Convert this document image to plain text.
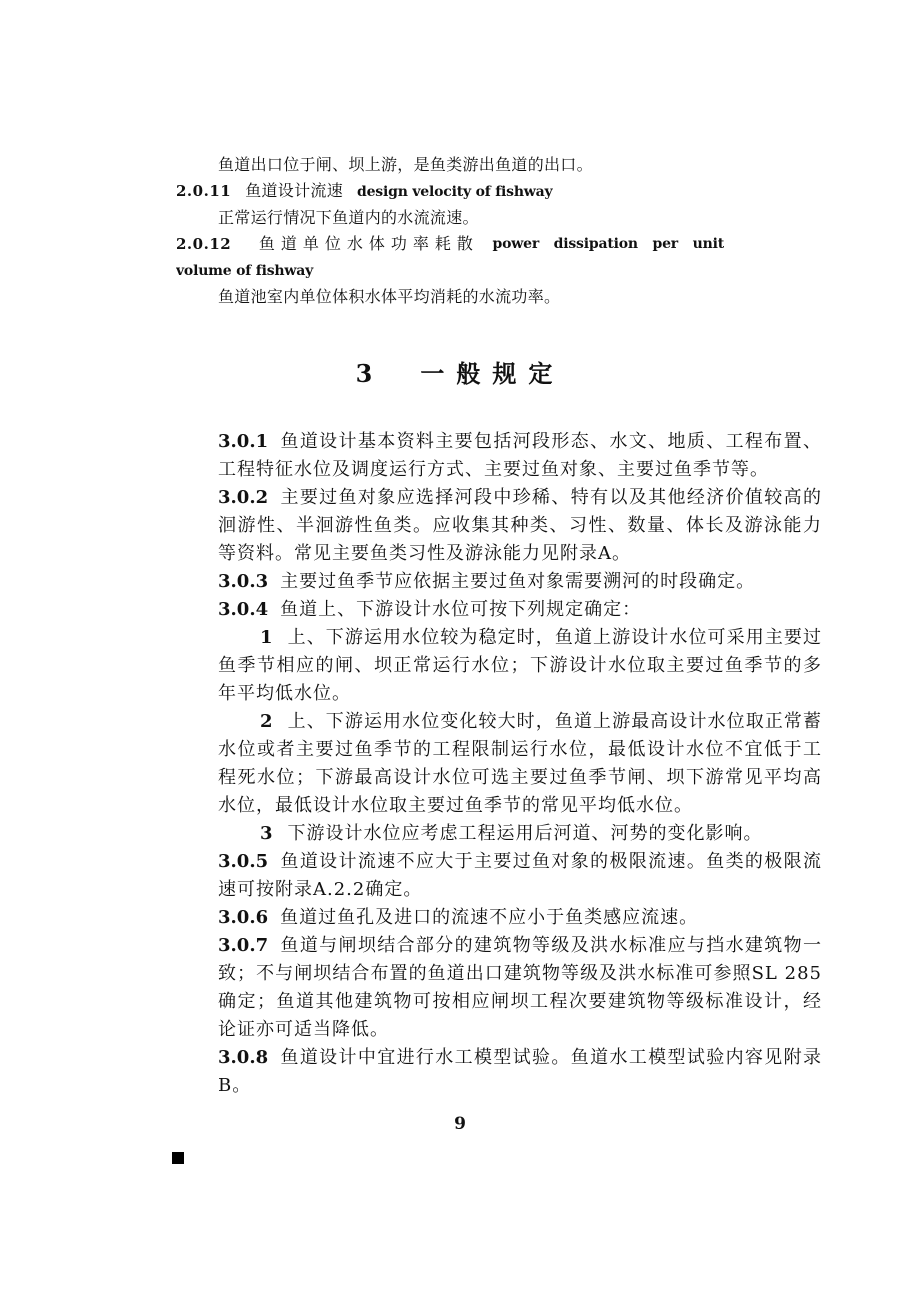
鱼道出口位于闸、坝上游，是鱼类游出鱼道的出口。
2.0.11 鱼道设计流速 design velocity of fishway
正常运行情况下鱼道内的水流流速。
2.0.12 鱼道单位水体功率耗散 power dissipation per unit
volume of fishway
鱼道池室内单位体积水体平均消耗的水流功率。
3　一般规定
3.0.1 鱼道设计基本资料主要包括河段形态、水文、地质、工程布置、工程特征水位及调度运行方式、主要过鱼对象、主要过鱼季节等。
3.0.2 主要过鱼对象应选择河段中珍稀、特有以及其他经济价值较高的洄游性、半洄游性鱼类。应收集其种类、习性、数量、体长及游泳能力等资料。常见主要鱼类习性及游泳能力见附录A。
3.0.3 主要过鱼季节应依据主要过鱼对象需要溯河的时段确定。
3.0.4 鱼道上、下游设计水位可按下列规定确定：
1 上、下游运用水位较为稳定时，鱼道上游设计水位可采用主要过鱼季节相应的闸、坝正常运行水位；下游设计水位取主要过鱼季节的多年平均低水位。
2 上、下游运用水位变化较大时，鱼道上游最高设计水位取正常蓄水位或者主要过鱼季节的工程限制运行水位，最低设计水位不宜低于工程死水位；下游最高设计水位可选主要过鱼季节闸、坝下游常见平均高水位，最低设计水位取主要过鱼季节的常见平均低水位。
3 下游设计水位应考虑工程运用后河道、河势的变化影响。
3.0.5 鱼道设计流速不应大于主要过鱼对象的极限流速。鱼类的极限流速可按附录A.2.2确定。
3.0.6 鱼道过鱼孔及进口的流速不应小于鱼类感应流速。
3.0.7 鱼道与闸坝结合部分的建筑物等级及洪水标准应与挡水建筑物一致；不与闸坝结合布置的鱼道出口建筑物等级及洪水标准可参照SL 285确定；鱼道其他建筑物可按相应闸坝工程次要建筑物等级标准设计，经论证亦可适当降低。
3.0.8 鱼道设计中宜进行水工模型试验。鱼道水工模型试验内容见附录B。
9
